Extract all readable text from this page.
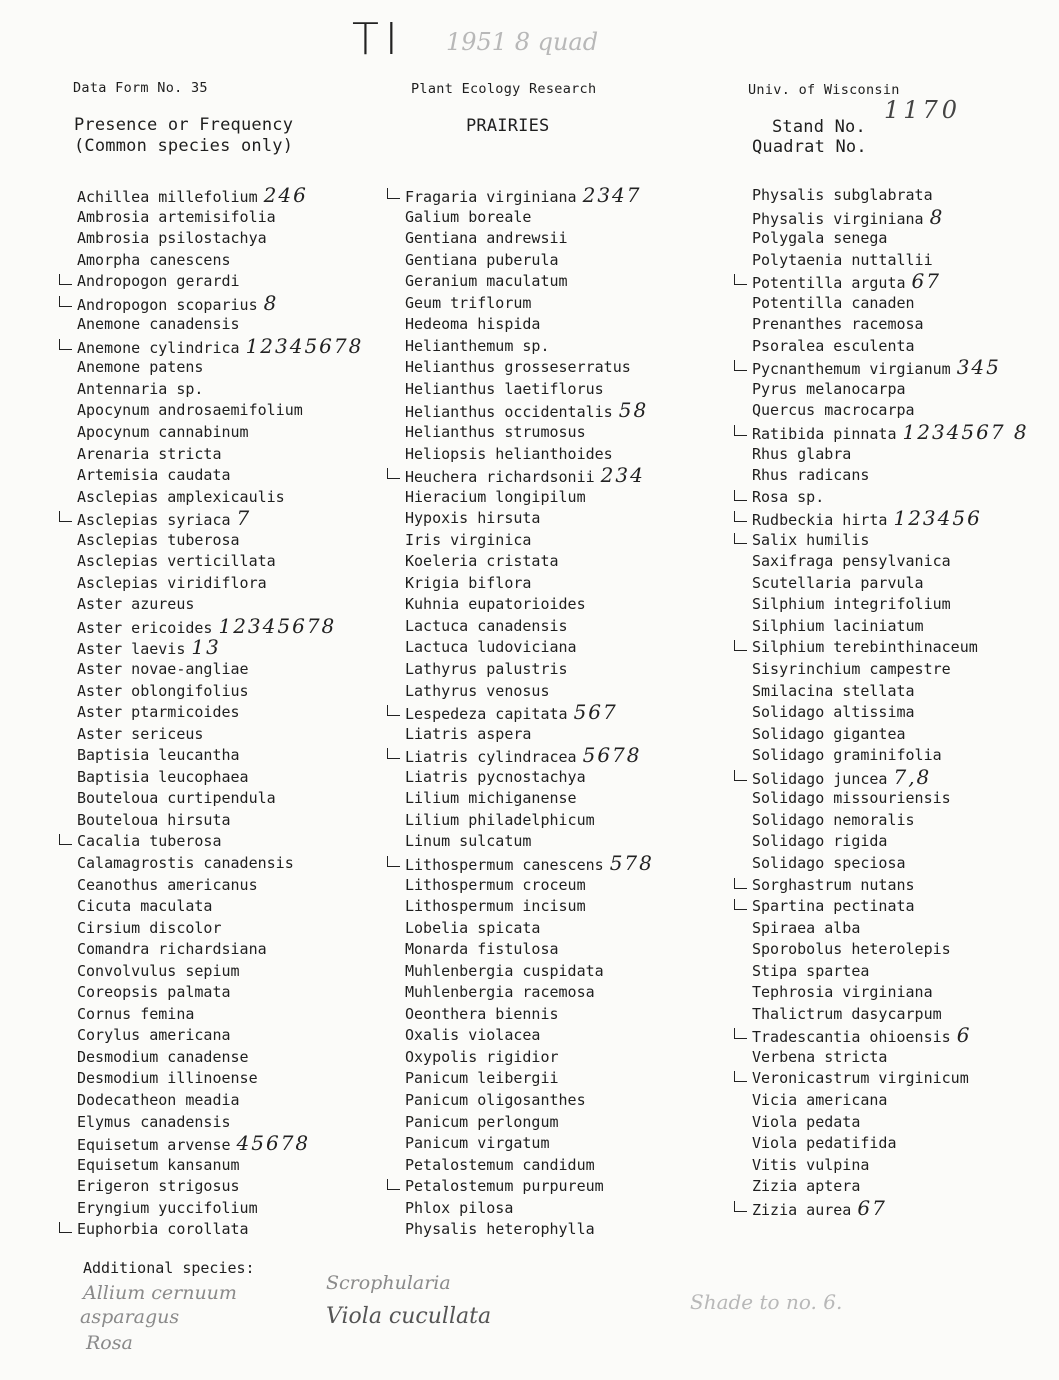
TI 1951 8 quad
Data Form No. 35	Plant Ecology Research	Univ. of Wisconsin
Presence or Frequency
(Common species only)
PRAIRIES	Stand No.
1170
Quadrat No.
Achillea millefolium 246
Ambrosia artemisifolia
Ambrosia psilostachya
Amorpha canescens
Andropogon gerardi
Andropogon scoparius 8
Anemone canadensis
Anemone cylindrica 12345678
Anemone patens
Antennaria sp.
Apocynum androsaemifolium
Apocynum cannabinum
Arenaria stricta
Artemisia caudata
Asclepias amplexicaulis
Asclepias syriaca 7
Asclepias tuberosa
Asclepias verticillata
Asclepias viridiflora
Aster azureus
Aster ericoides 12345678
Aster laevis 13
Aster novae-angliae
Aster oblongifolius
Aster ptarmicoides
Aster sericeus
Baptisia leucantha
Baptisia leucophaea
Bouteloua curtipendula
Bouteloua hirsuta
Cacalia tuberosa
Calamagrostis canadensis
Ceanothus americanus
Cicuta maculata
Cirsium discolor
Comandra richardsiana
Convolvulus sepium
Coreopsis palmata
Cornus femina
Corylus americana
Desmodium canadense
Desmodium illinoense
Dodecatheon meadia
Elymus canadensis
Equisetum arvense 45678
Equisetum kansanum
Erigeron strigosus
Eryngium yuccifolium
Euphorbia corollata
Fragaria virginiana 2347
Galium boreale
Gentiana andrewsii
Gentiana puberula
Geranium maculatum
Geum triflorum
Hedeoma hispida
Helianthemum sp.
Helianthus grosseserratus
Helianthus laetiflorus
Helianthus occidentalis 58
Helianthus strumosus
Heliopsis helianthoides
Heuchera richardsonii 234
Hieracium longipilum
Hypoxis hirsuta
Iris virginica
Koeleria cristata
Krigia biflora
Kuhnia eupatorioides
Lactuca canadensis
Lactuca ludoviciana
Lathyrus palustris
Lathyrus venosus
Lespedeza capitata 567
Liatris aspera
Liatris cylindracea 5678
Liatris pycnostachya
Lilium michiganense
Lilium philadelphicum
Linum sulcatum
Lithospermum canescens 578
Lithospermum croceum
Lithospermum incisum
Lobelia spicata
Monarda fistulosa
Muhlenbergia cuspidata
Muhlenbergia racemosa
Oeonthera biennis
Oxalis violacea
Oxypolis rigidior
Panicum leibergii
Panicum oligosanthes
Panicum perlongum
Panicum virgatum
Petalostemum candidum
Petalostemum purpureum
Phlox pilosa
Physalis heterophylla
Physalis subglabrata
Physalis virginiana 8
Polygala senega
Polytaenia nuttallii
Potentilla arguta 67
Potentilla canaden
Prenanthes racemosa
Psoralea esculenta
Pycnanthemum virgianum 345
Pyrus melanocarpa
Quercus macrocarpa
Ratibida pinnata 1234567 8
Rhus glabra
Rhus radicans
Rosa sp.
Rudbeckia hirta 123456
Salix humilis
Saxifraga pensylvanica
Scutellaria parvula
Silphium integrifolium
Silphium laciniatum
Silphium terebinthinaceum
Sisyrinchium campestre
Smilacina stellata
Solidago altissima
Solidago gigantea
Solidago graminifolia
Solidago juncea 7,8
Solidago missouriensis
Solidago nemoralis
Solidago rigida
Solidago speciosa
Sorghastrum nutans
Spartina pectinata
Spiraea alba
Sporobolus heterolepis
Stipa spartea
Tephrosia virginiana
Thalictrum dasycarpum
Tradescantia ohioensis 6
Verbena stricta
Veronicastrum virginicum
Vicia americana
Viola pedata
Viola pedatifida
Vitis vulpina
Zizia aptera
Zizia aurea 67
Additional species:
Allium cernuum
asparagus
Rosa
Scrophularia
Viola cucullata
Shade to no. 6.
